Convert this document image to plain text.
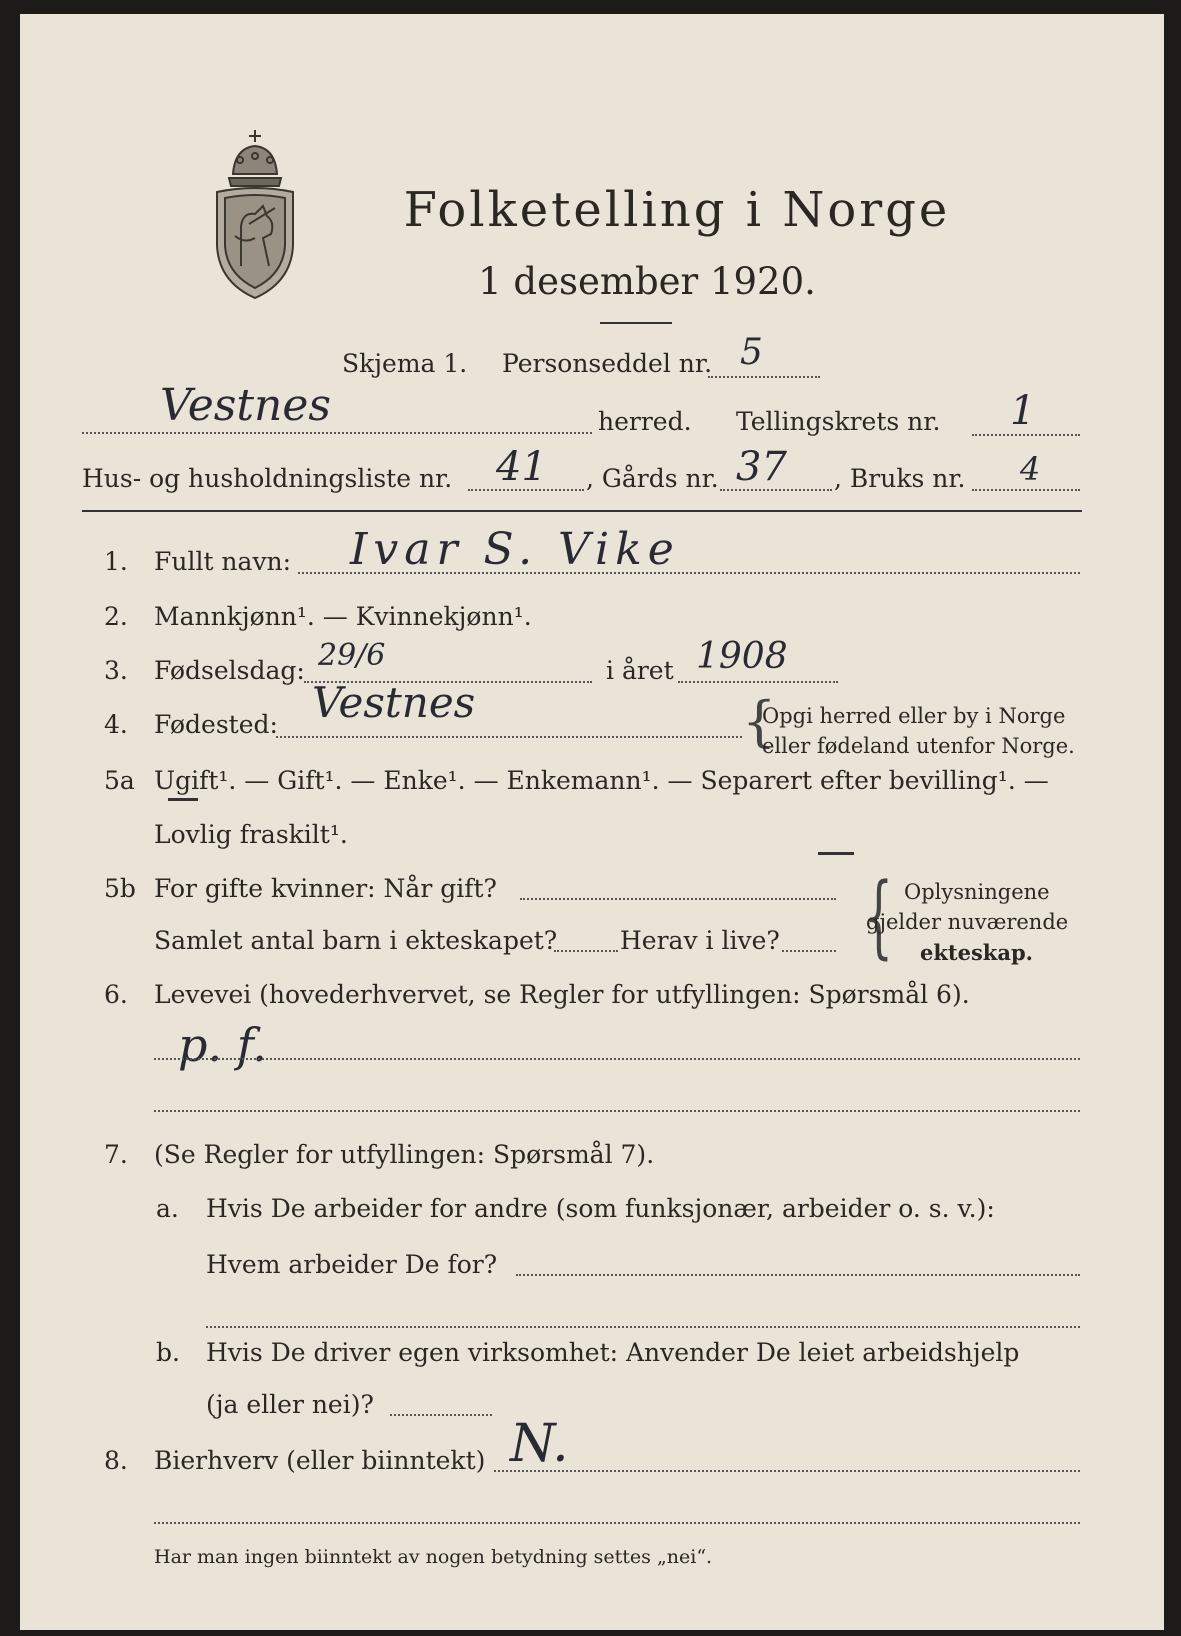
Folketelling i Norge
1 desember 1920.
Skjema 1. Personseddel nr. 5
Vestnes	herred. Tellingskrets nr. 1
Hus- og husholdningsliste nr. 41 , Gårds nr. 37 , Bruks nr. 4
1. Fullt navn: Ivar S. Vike
2. Mannkjønn¹. — Kvinnekjønn¹.
3. Fødselsdag: 29/6	i året 1908
4. Fødested: Vestnes	{
Opgi herred eller by i Norge
eller fødeland utenfor Norge.
5a Ugift¹. — Gift¹. — Enke¹. — Enkemann¹. — Separert efter bevilling¹. —
Lovlig fraskilt¹.
5b For gifte kvinner: Når gift?
Samlet antal barn i ekteskapet?	Herav i live? { Oplysningene
gjelder nuværende
ekteskap.
6. Levevei (hovederhvervet, se Regler for utfyllingen: Spørsmål 6).
p. f.
7. (Se Regler for utfyllingen: Spørsmål 7).
a. Hvis De arbeider for andre (som funksjonær, arbeider o. s. v.):
Hvem arbeider De for?
b. Hvis De driver egen virksomhet: Anvender De leiet arbeidshjelp
(ja eller nei)?
8. Bierhverv (eller biinntekt) N.
Har man ingen biinntekt av nogen betydning settes „nei“.
